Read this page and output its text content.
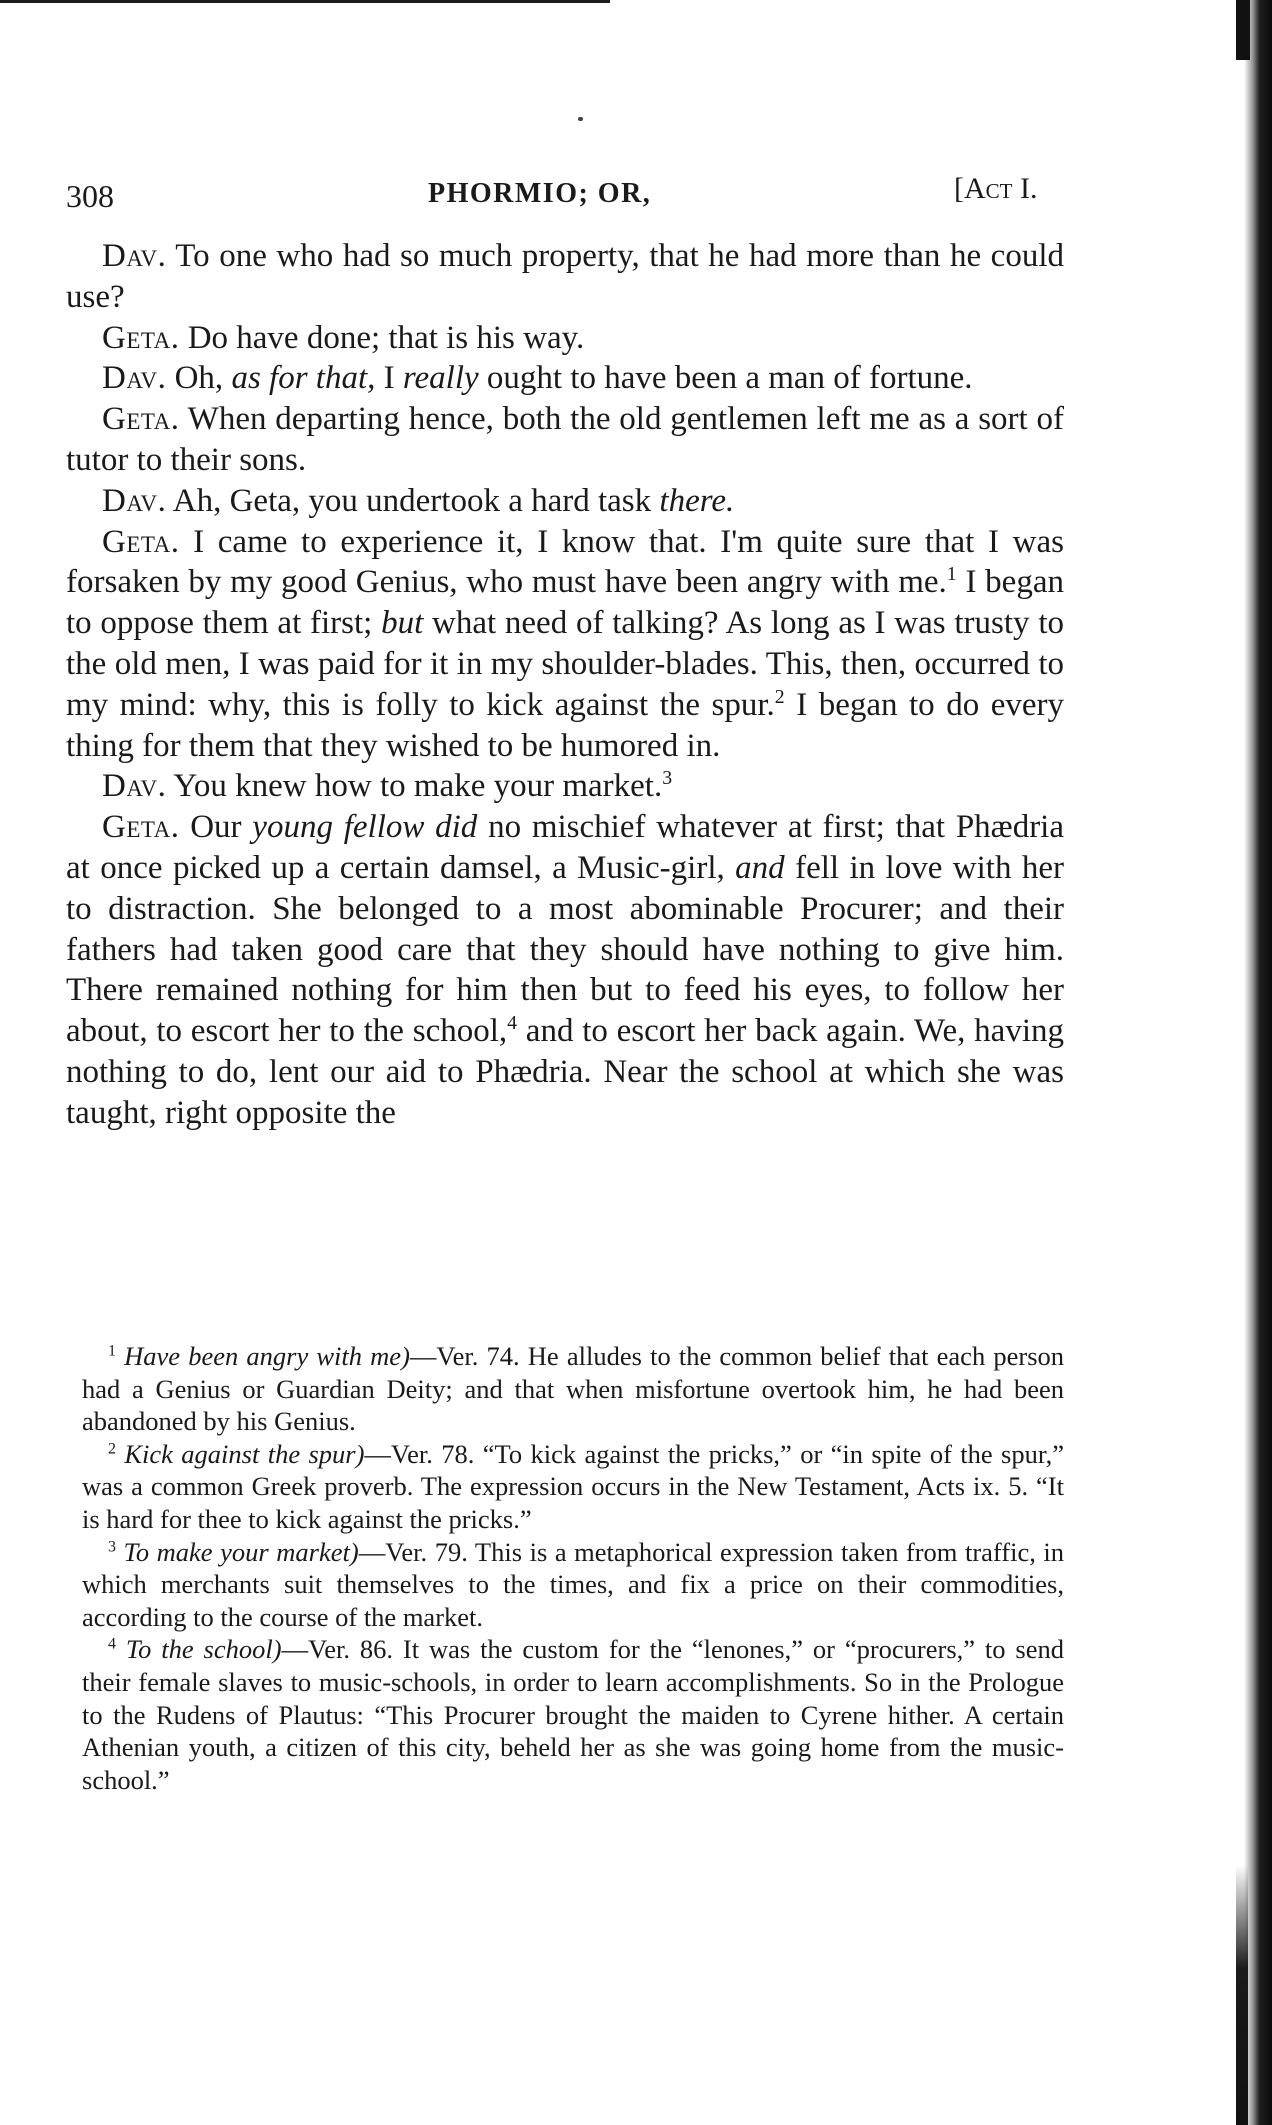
308	PHORMIO; OR,	[Act I.

Dav. To one who had so much property, that he had more than he could use?

Geta. Do have done; that is his way.

Dav. Oh, as for that, I really ought to have been a man of fortune.

Geta. When departing hence, both the old gentlemen left me as a sort of tutor to their sons.

Dav. Ah, Geta, you undertook a hard task there.

Geta. I came to experience it, I know that. I'm quite sure that I was forsaken by my good Genius, who must have been angry with me.$^1$ I began to oppose them at first; but what need of talking? As long as I was trusty to the old men, I was paid for it in my shoulder-blades. This, then, occurred to my mind: why, this is folly to kick against the spur.$^2$ I began to do every thing for them that they wished to be humored in.

Dav. You knew how to make your market.$^3$

Geta. Our young fellow did no mischief whatever at first; that Phædria at once picked up a certain damsel, a Music-girl, and fell in love with her to distraction. She belonged to a most abominable Procurer; and their fathers had taken good care that they should have nothing to give him. There remained nothing for him then but to feed his eyes, to follow her about, to escort her to the school,$^4$ and to escort her back again. We, having nothing to do, lent our aid to Phædria. Near the school at which she was taught, right opposite the

$^1$ Have been angry with me)—Ver. 74. He alludes to the common belief that each person had a Genius or Guardian Deity; and that when misfortune overtook him, he had been abandoned by his Genius.

$^2$ Kick against the spur)—Ver. 78. “To kick against the pricks,” or “in spite of the spur,” was a common Greek proverb. The expression occurs in the New Testament, Acts ix. 5. “It is hard for thee to kick against the pricks.”

$^3$ To make your market)—Ver. 79. This is a metaphorical expression taken from traffic, in which merchants suit themselves to the times, and fix a price on their commodities, according to the course of the market.

$^4$ To the school)—Ver. 86. It was the custom for the “lenones,” or “procurers,” to send their female slaves to music-schools, in order to learn accomplishments. So in the Prologue to the Rudens of Plautus: “This Procurer brought the maiden to Cyrene hither. A certain Athenian youth, a citizen of this city, beheld her as she was going home from the music-school.”
